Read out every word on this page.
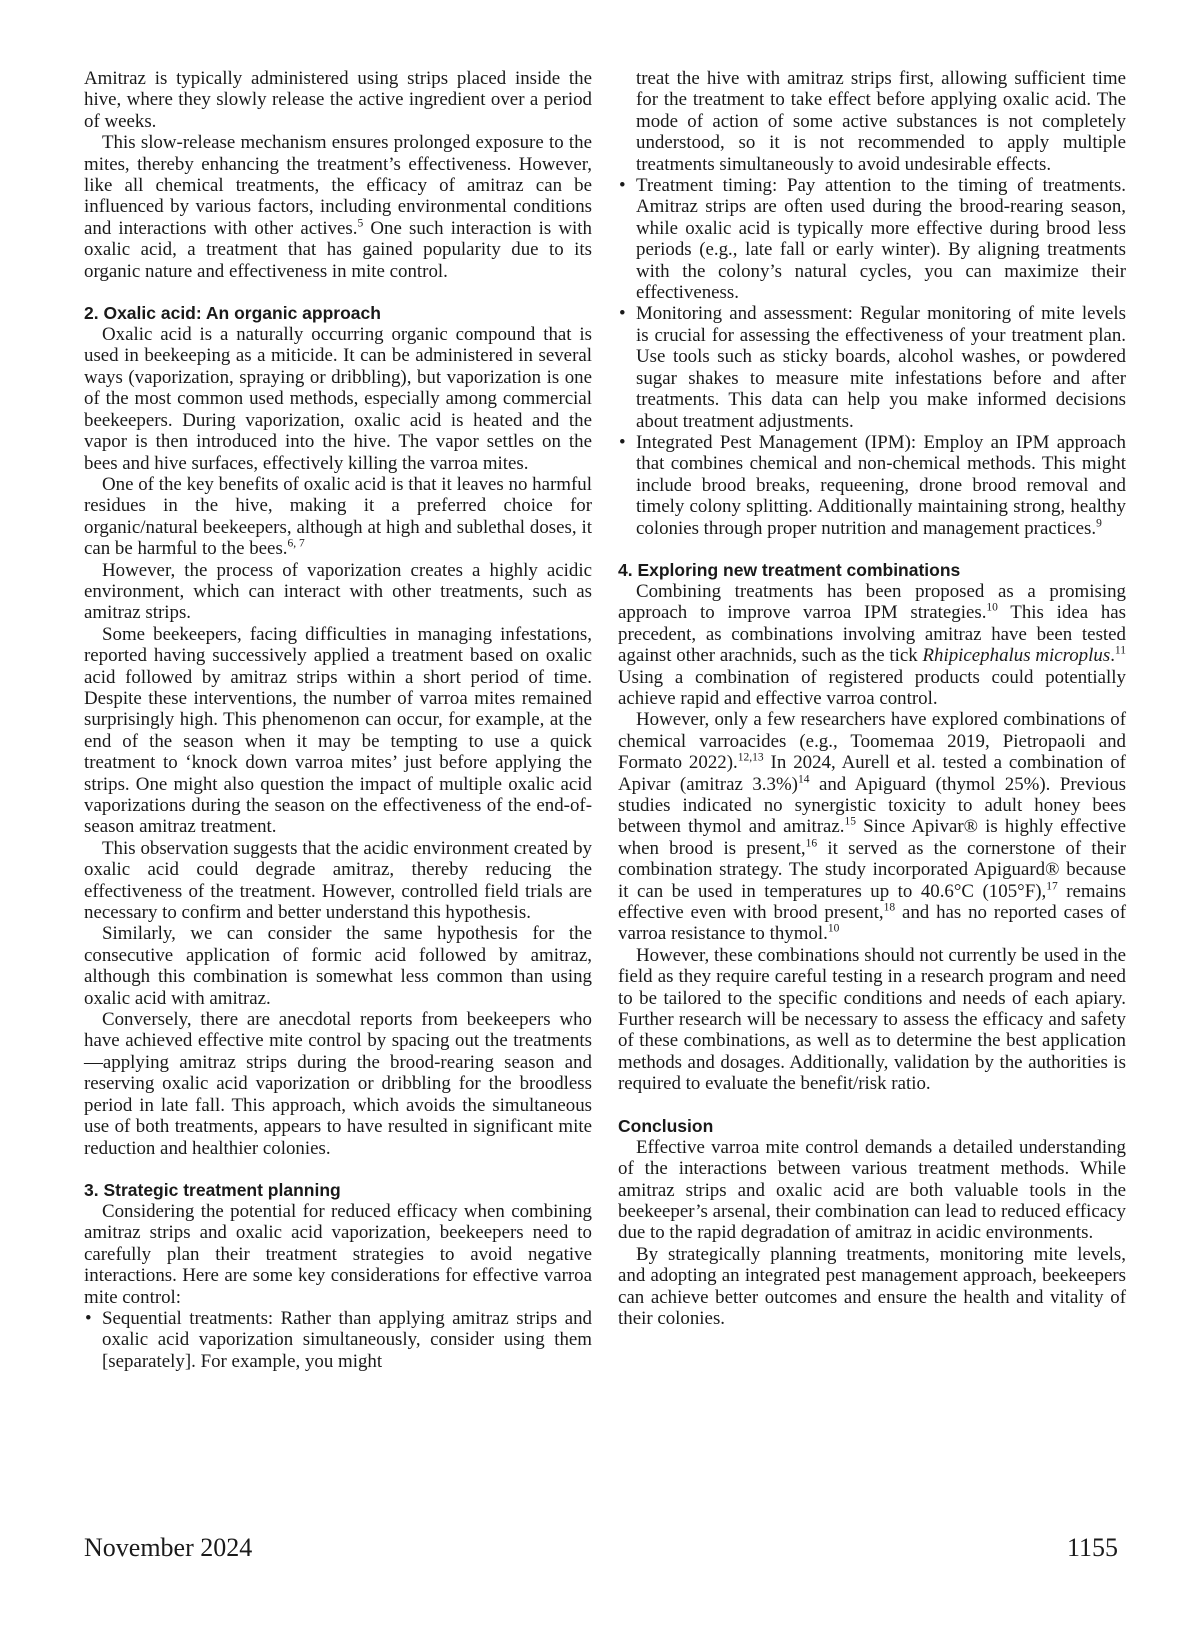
Amitraz is typically administered using strips placed inside the hive, where they slowly release the active ingredient over a period of weeks.

This slow-release mechanism ensures prolonged exposure to the mites, thereby enhancing the treatment’s effectiveness. However, like all chemical treatments, the efficacy of amitraz can be influenced by various factors, including environmental conditions and interactions with other actives.$^5$ One such interaction is with oxalic acid, a treatment that has gained popularity due to its organic nature and effectiveness in mite control.

2. Oxalic acid: An organic approach

Oxalic acid is a naturally occurring organic compound that is used in beekeeping as a miticide. It can be administered in several ways (vaporization, spraying or dribbling), but vaporization is one of the most common used methods, especially among commercial beekeepers. During vaporization, oxalic acid is heated and the vapor is then introduced into the hive. The vapor settles on the bees and hive surfaces, effectively killing the varroa mites.

One of the key benefits of oxalic acid is that it leaves no harmful residues in the hive, making it a preferred choice for organic/natural beekeepers, although at high and sublethal doses, it can be harmful to the bees.$^{6, 7}$

However, the process of vaporization creates a highly acidic environment, which can interact with other treatments, such as amitraz strips.

Some beekeepers, facing difficulties in managing infestations, reported having successively applied a treatment based on oxalic acid followed by amitraz strips within a short period of time. Despite these interventions, the number of varroa mites remained surprisingly high. This phenomenon can occur, for example, at the end of the season when it may be tempting to use a quick treatment to ‘knock down varroa mites’ just before applying the strips. One might also question the impact of multiple oxalic acid vaporizations during the season on the effectiveness of the end-of-season amitraz treatment.

This observation suggests that the acidic environment created by oxalic acid could degrade amitraz, thereby reducing the effectiveness of the treatment. However, controlled field trials are necessary to confirm and better understand this hypothesis.

Similarly, we can consider the same hypothesis for the consecutive application of formic acid followed by amitraz, although this combination is somewhat less common than using oxalic acid with amitraz.

Conversely, there are anecdotal reports from beekeepers who have achieved effective mite control by spacing out the treatments—applying amitraz strips during the brood-rearing season and reserving oxalic acid vaporization or dribbling for the broodless period in late fall. This approach, which avoids the simultaneous use of both treatments, appears to have resulted in significant mite reduction and healthier colonies.

3. Strategic treatment planning

Considering the potential for reduced efficacy when combining amitraz strips and oxalic acid vaporization, beekeepers need to carefully plan their treatment strategies to avoid negative interactions. Here are some key considerations for effective varroa mite control:

• Sequential treatments: Rather than applying amitraz strips and oxalic acid vaporization simultaneously, consider using them [separately]. For example, you might
treat the hive with amitraz strips first, allowing sufficient time for the treatment to take effect before applying oxalic acid. The mode of action of some active substances is not completely understood, so it is not recommended to apply multiple treatments simultaneously to avoid undesirable effects.
• Treatment timing: Pay attention to the timing of treatments. Amitraz strips are often used during the brood-rearing season, while oxalic acid is typically more effective during brood less periods (e.g., late fall or early winter). By aligning treatments with the colony’s natural cycles, you can maximize their effectiveness.
• Monitoring and assessment: Regular monitoring of mite levels is crucial for assessing the effectiveness of your treatment plan. Use tools such as sticky boards, alcohol washes, or powdered sugar shakes to measure mite infestations before and after treatments. This data can help you make informed decisions about treatment adjustments.
• Integrated Pest Management (IPM): Employ an IPM approach that combines chemical and non-chemical methods. This might include brood breaks, requeening, drone brood removal and timely colony splitting. Additionally maintaining strong, healthy colonies through proper nutrition and management practices.$^9$
4. Exploring new treatment combinations

Combining treatments has been proposed as a promising approach to improve varroa IPM strategies.$^{10}$ This idea has precedent, as combinations involving amitraz have been tested against other arachnids, such as the tick Rhipicephalus microplus.$^{11}$ Using a combination of registered products could potentially achieve rapid and effective varroa control.

However, only a few researchers have explored combinations of chemical varroacides (e.g., Toomemaa 2019, Pietropaoli and Formato 2022).$^{12,13}$ In 2024, Aurell et al. tested a combination of Apivar (amitraz 3.3%)$^{14}$ and Apiguard (thymol 25%). Previous studies indicated no synergistic toxicity to adult honey bees between thymol and amitraz.$^{15}$ Since Apivar® is highly effective when brood is present,$^{16}$ it served as the cornerstone of their combination strategy. The study incorporated Apiguard® because it can be used in temperatures up to 40.6°C (105°F),$^{17}$ remains effective even with brood present,$^{18}$ and has no reported cases of varroa resistance to thymol.$^{10}$

However, these combinations should not currently be used in the field as they require careful testing in a research program and need to be tailored to the specific conditions and needs of each apiary. Further research will be necessary to assess the efficacy and safety of these combinations, as well as to determine the best application methods and dosages. Additionally, validation by the authorities is required to evaluate the benefit/risk ratio.

Conclusion

Effective varroa mite control demands a detailed understanding of the interactions between various treatment methods. While amitraz strips and oxalic acid are both valuable tools in the beekeeper’s arsenal, their combination can lead to reduced efficacy due to the rapid degradation of amitraz in acidic environments.

By strategically planning treatments, monitoring mite levels, and adopting an integrated pest management approach, beekeepers can achieve better outcomes and ensure the health and vitality of their colonies.

November 2024	1155
